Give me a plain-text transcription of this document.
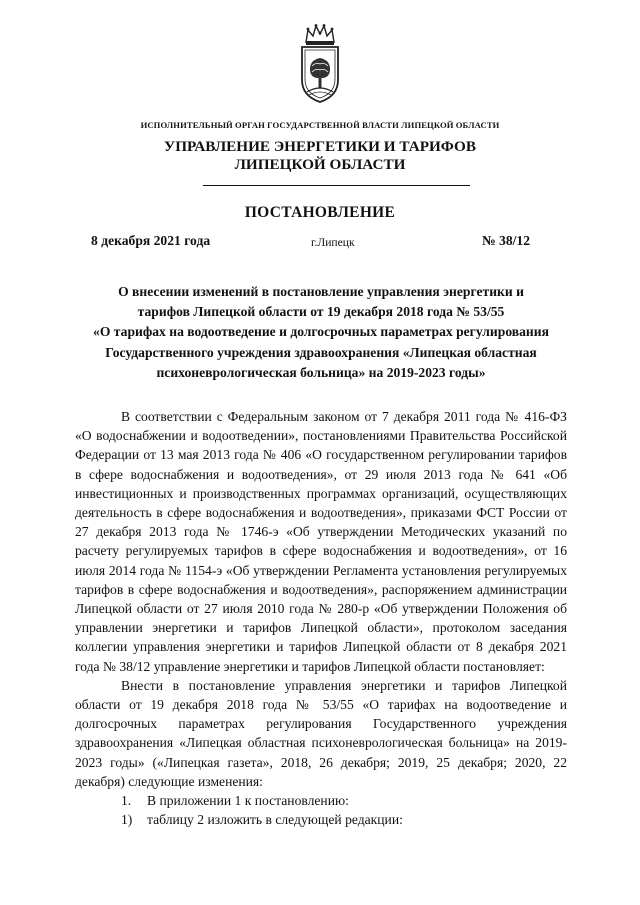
ИСПОЛНИТЕЛЬНЫЙ ОРГАН ГОСУДАРСТВЕННОЙ ВЛАСТИ ЛИПЕЦКОЙ ОБЛАСТИ
УПРАВЛЕНИЕ ЭНЕРГЕТИКИ И ТАРИФОВ
ЛИПЕЦКОЙ ОБЛАСТИ
ПОСТАНОВЛЕНИЕ
8 декабря 2021 года	г.Липецк	№ 38/12
О внесении изменений в постановление управления энергетики и
тарифов Липецкой области от 19 декабря 2018 года № 53/55
«О тарифах на водоотведение и долгосрочных параметрах регулирования
Государственного учреждения здравоохранения «Липецкая областная
психоневрологическая больница» на 2019-2023 годы»

В соответствии с Федеральным законом от 7 декабря 2011 года № 416-ФЗ «О водоснабжении и водоотведении», постановлениями Правительства Российской Федерации от 13 мая 2013 года № 406 «О государственном регулировании тарифов в сфере водоснабжения и водоотведения», от 29 июля 2013 года № 641 «Об инвестиционных и производственных программах организаций, осуществляющих деятельность в сфере водоснабжения и водоотведения», приказами ФСТ России от 27 декабря 2013 года № 1746-э «Об утверждении Методических указаний по расчету регулируемых тарифов в сфере водоснабжения и водоотведения», от 16 июля 2014 года № 1154-э «Об утверждении Регламента установления регулируемых тарифов в сфере водоснабжения и водоотведения», распоряжением администрации Липецкой области от 27 июля 2010 года № 280-р «Об утверждении Положения об управлении энергетики и тарифов Липецкой области», протоколом заседания коллегии управления энергетики и тарифов Липецкой области от 8 декабря 2021 года № 38/12 управление энергетики и тарифов Липецкой области постановляет:

Внести в постановление управления энергетики и тарифов Липецкой области от 19 декабря 2018 года № 53/55 «О тарифах на водоотведение и долгосрочных параметрах регулирования Государственного учреждения здравоохранения «Липецкая областная психоневрологическая больница» на 2019-2023 годы» («Липецкая газета», 2018, 26 декабря; 2019, 25 декабря; 2020, 22 декабря) следующие изменения:

1. В приложении 1 к постановлению:

1) таблицу 2 изложить в следующей редакции:
